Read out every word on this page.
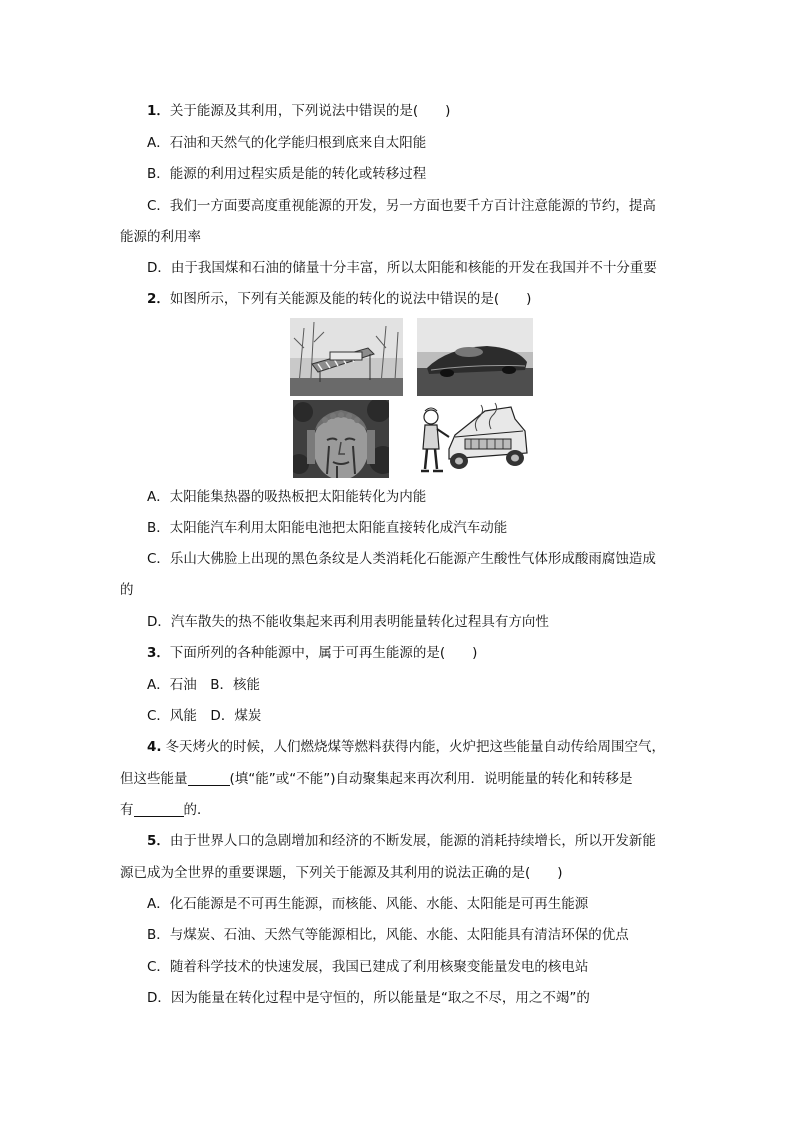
1．关于能源及其利用，下列说法中错误的是(　　)
A．石油和天然气的化学能归根到底来自太阳能
B．能源的利用过程实质是能的转化或转移过程
C．我们一方面要高度重视能源的开发，另一方面也要千方百计注意能源的节约，提高
能源的利用率
D．由于我国煤和石油的储量十分丰富，所以太阳能和核能的开发在我国并不十分重要
2．如图所示，下列有关能源及能的转化的说法中错误的是(　　)
A．太阳能集热器的吸热板把太阳能转化为内能
B．太阳能汽车利用太阳能电池把太阳能直接转化成汽车动能
C．乐山大佛脸上出现的黑色条纹是人类消耗化石能源产生酸性气体形成酸雨腐蚀造成
的
D．汽车散失的热不能收集起来再利用表明能量转化过程具有方向性
3．下面所列的各种能源中，属于可再生能源的是(　　)
A．石油　B．核能
C．风能　D．煤炭
4. 冬天烤火的时候，人们燃烧煤等燃料获得内能，火炉把这些能量自动传给周围空气，
但这些能量	(填“能”或“不能”)自动聚集起来再次利用．说明能量的转化和转移是
有	的．
5．由于世界人口的急剧增加和经济的不断发展，能源的消耗持续增长，所以开发新能
源已成为全世界的重要课题，下列关于能源及其利用的说法正确的是(　　)
A．化石能源是不可再生能源，而核能、风能、水能、太阳能是可再生能源
B．与煤炭、石油、天然气等能源相比，风能、水能、太阳能具有清洁环保的优点
C．随着科学技术的快速发展，我国已建成了利用核聚变能量发电的核电站
D．因为能量在转化过程中是守恒的，所以能量是“取之不尽，用之不竭”的
